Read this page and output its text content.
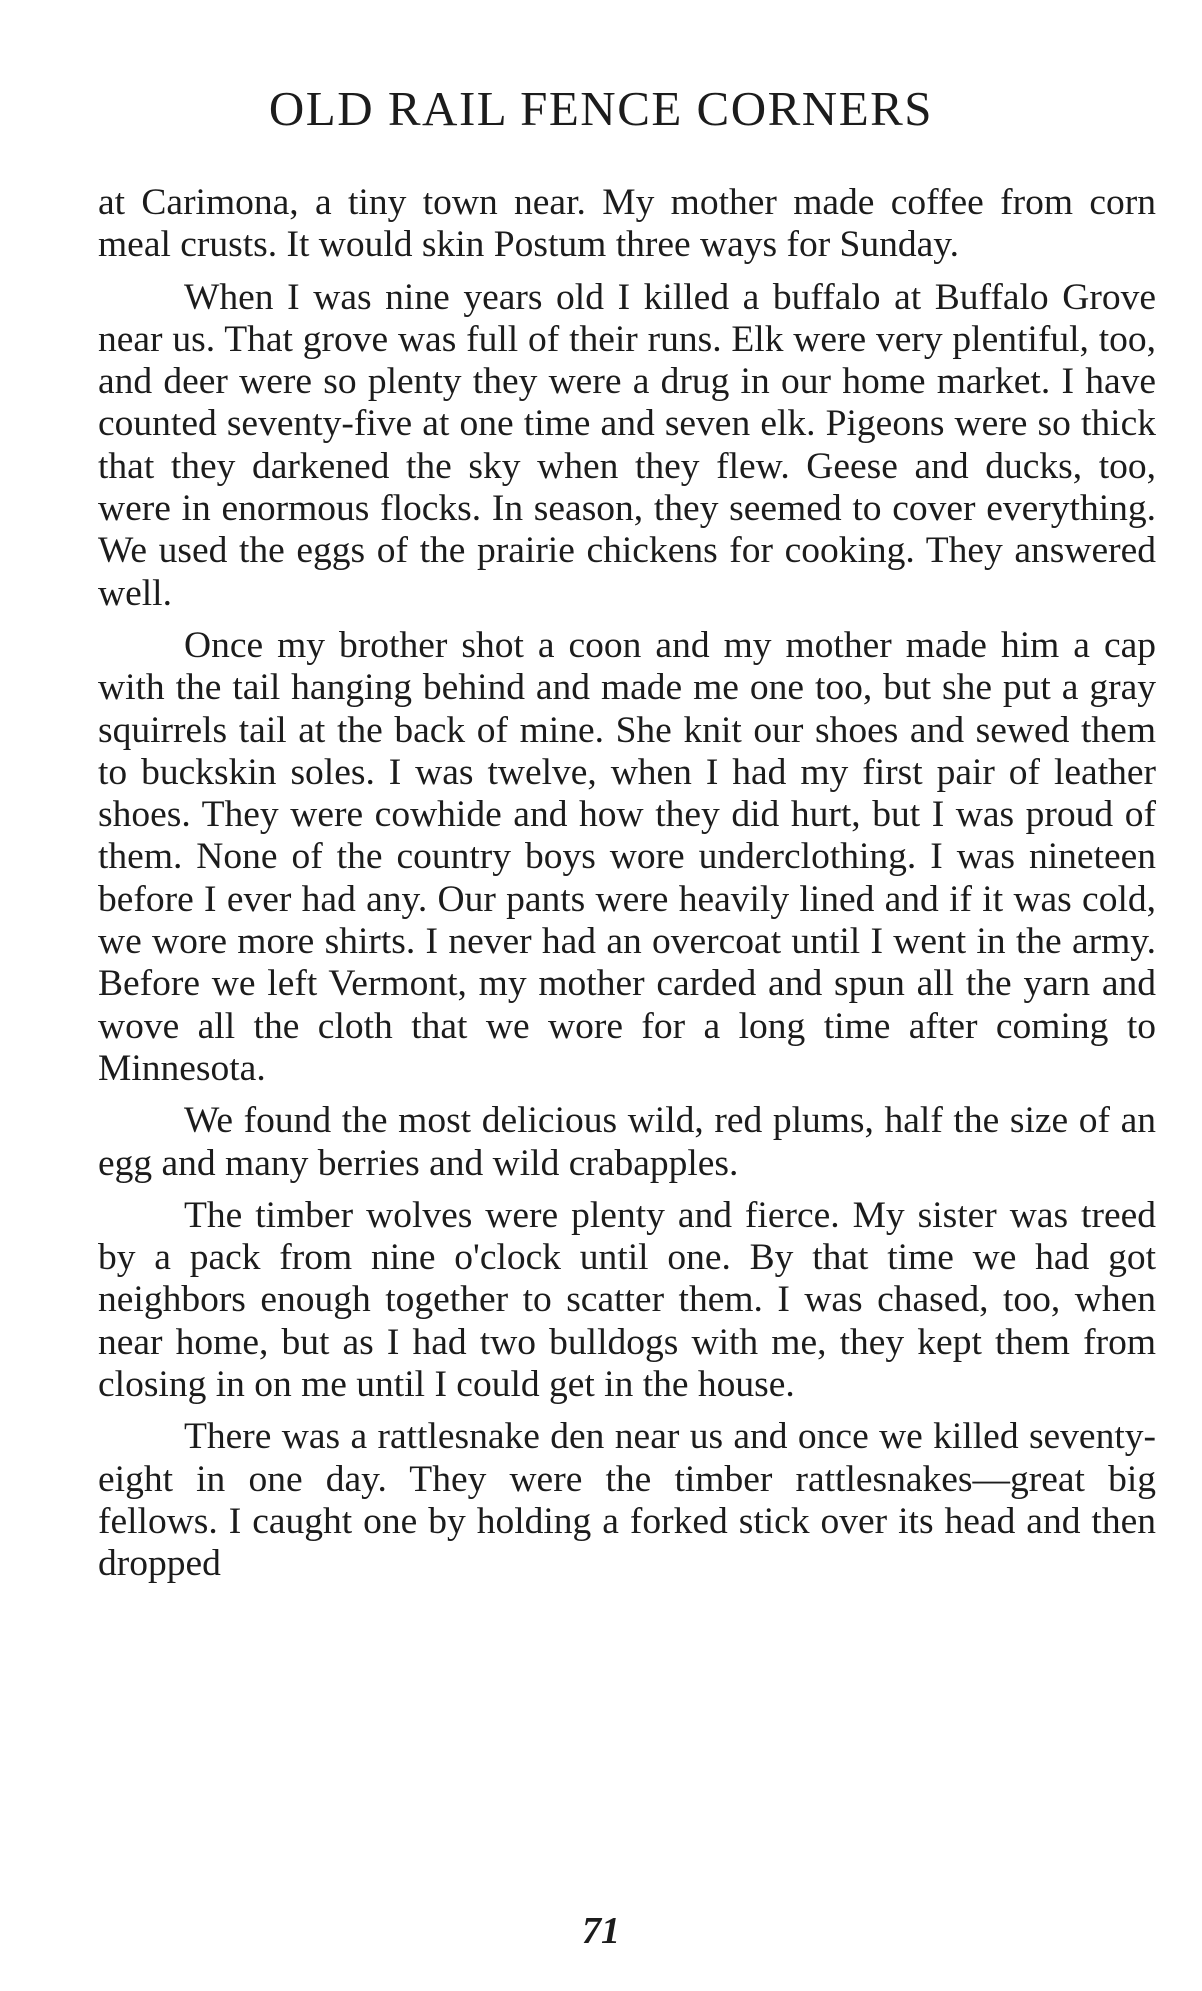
OLD RAIL FENCE CORNERS

at Carimona, a tiny town near. My mother made coffee from corn meal crusts. It would skin Postum three ways for Sunday.

When I was nine years old I killed a buffalo at Buffalo Grove near us. That grove was full of their runs. Elk were very plentiful, too, and deer were so plenty they were a drug in our home market. I have counted seventy-five at one time and seven elk. Pigeons were so thick that they darkened the sky when they flew. Geese and ducks, too, were in enormous flocks. In season, they seemed to cover everything. We used the eggs of the prairie chickens for cooking. They answered well.

Once my brother shot a coon and my mother made him a cap with the tail hanging behind and made me one too, but she put a gray squirrels tail at the back of mine. She knit our shoes and sewed them to buckskin soles. I was twelve, when I had my first pair of leather shoes. They were cowhide and how they did hurt, but I was proud of them. None of the country boys wore underclothing. I was nineteen before I ever had any. Our pants were heavily lined and if it was cold, we wore more shirts. I never had an overcoat until I went in the army. Before we left Vermont, my mother carded and spun all the yarn and wove all the cloth that we wore for a long time after coming to Minnesota.

We found the most delicious wild, red plums, half the size of an egg and many berries and wild crabapples.

The timber wolves were plenty and fierce. My sister was treed by a pack from nine o'clock until one. By that time we had got neighbors enough together to scatter them. I was chased, too, when near home, but as I had two bulldogs with me, they kept them from closing in on me until I could get in the house.

There was a rattlesnake den near us and once we killed seventy-eight in one day. They were the timber rattlesnakes—great big fellows. I caught one by holding a forked stick over its head and then dropped

71
